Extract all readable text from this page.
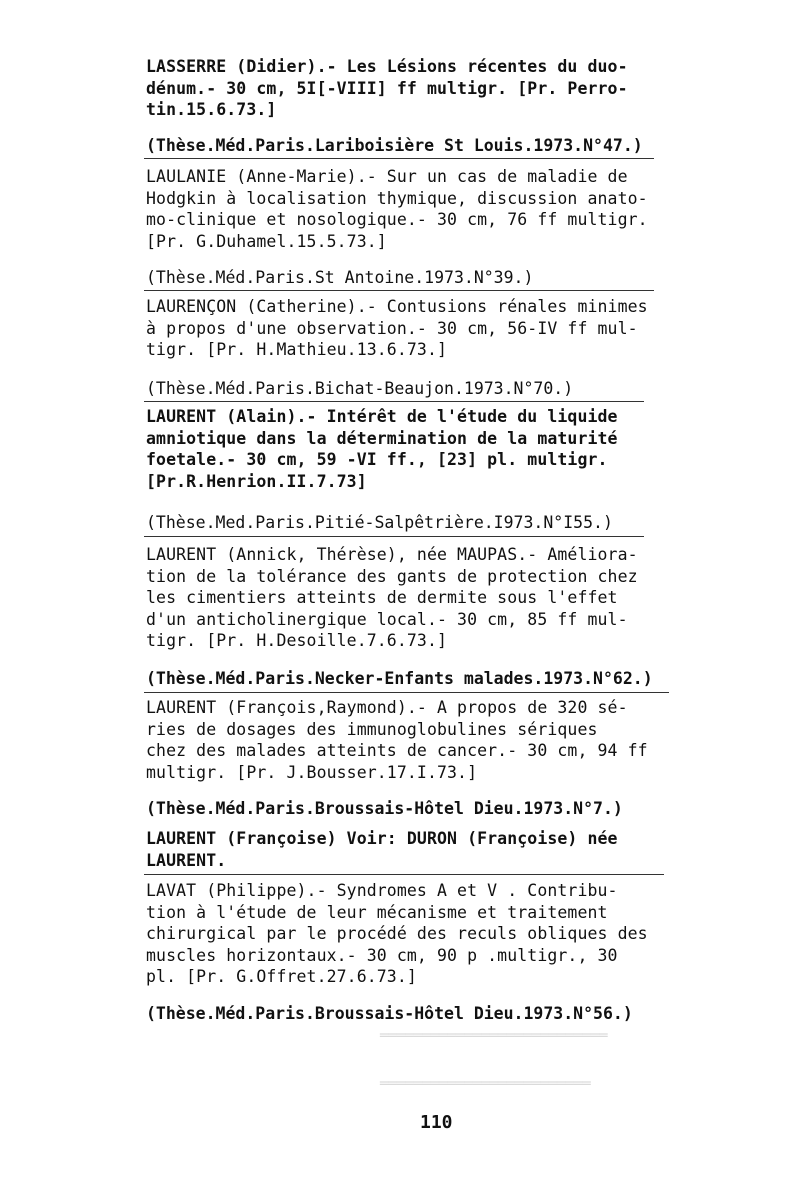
LASSERRE (Didier).- Les Lésions récentes du duo-
dénum.- 30 cm, 5I[-VIII] ff multigr. [Pr. Perro-
tin.15.6.73.]

(Thèse.Méd.Paris.Lariboisière St Louis.1973.N°47.)

LAULANIE (Anne-Marie).- Sur un cas de maladie de
Hodgkin à localisation thymique, discussion anato-
mo-clinique et nosologique.- 30 cm, 76 ff multigr.
[Pr. G.Duhamel.15.5.73.]

(Thèse.Méd.Paris.St Antoine.1973.N°39.)

LAURENÇON (Catherine).- Contusions rénales minimes
à propos d'une observation.- 30 cm, 56-IV ff mul-
tigr. [Pr. H.Mathieu.13.6.73.]

(Thèse.Méd.Paris.Bichat-Beaujon.1973.N°70.)

LAURENT (Alain).- Intérêt de l'étude du liquide
amniotique dans la détermination de la maturité
foetale.- 30 cm, 59 -VI ff., [23] pl. multigr.
[Pr.R.Henrion.II.7.73]

(Thèse.Med.Paris.Pitié-Salpêtrière.I973.N°I55.)

LAURENT (Annick, Thérèse), née MAUPAS.- Améliora-
tion de la tolérance des gants de protection chez
les cimentiers atteints de dermite sous l'effet
d'un anticholinergique local.- 30 cm, 85 ff mul-
tigr. [Pr. H.Desoille.7.6.73.]

(Thèse.Méd.Paris.Necker-Enfants malades.1973.N°62.)

LAURENT (François,Raymond).- A propos de 320 sé-
ries de dosages des immunoglobulines sériques
chez des malades atteints de cancer.- 30 cm, 94 ff
multigr. [Pr. J.Bousser.17.I.73.]

(Thèse.Méd.Paris.Broussais-Hôtel Dieu.1973.N°7.)

LAURENT (Françoise) Voir: DURON (Françoise) née
LAURENT.

LAVAT (Philippe).- Syndromes A et V . Contribu-
tion à l'étude de leur mécanisme et traitement
chirurgical par le procédé des reculs obliques des
muscles horizontaux.- 30 cm, 90 p .multigr., 30
pl. [Pr. G.Offret.27.6.73.]

(Thèse.Méd.Paris.Broussais-Hôtel Dieu.1973.N°56.)

═══════════════════════════
═════════════════════════
110
